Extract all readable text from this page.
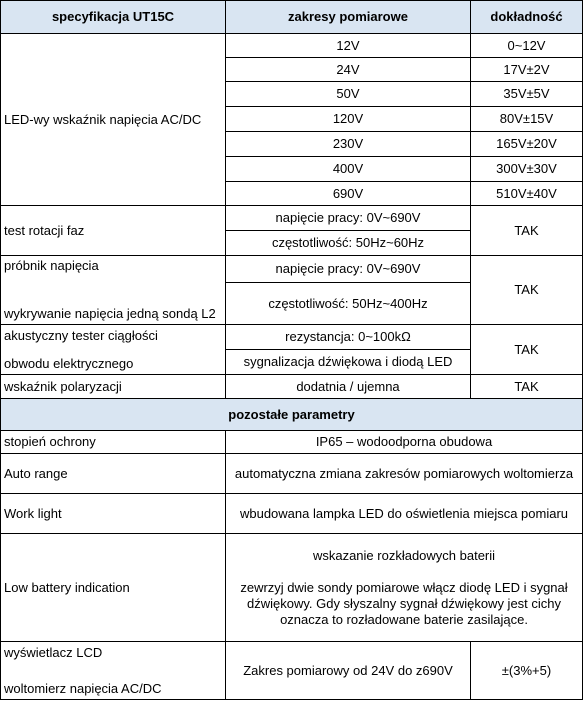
specyfikacja UT15C	zakresy pomiarowe	dokładność
LED-wy wskaźnik napięcia AC/DC	12V	0~12V
	24V	17V±2V
	50V	35V±5V
	120V	80V±15V
	230V	165V±20V
	400V	300V±30V
	690V	510V±40V
test rotacji faz	napięcie pracy: 0V~690V	TAK
	częstotliwość: 50Hz~60Hz	

próbnik napięcia
wykrywanie napięcia jedną sondą L2	napięcie pracy: 0V~690V	TAK
	częstotliwość: 50Hz~400Hz	

akustyczny tester ciągłości
obwodu elektrycznego	rezystancja: 0~100kΩ	TAK
	sygnalizacja dźwiękowa i diodą LED	
wskaźnik polaryzacji	dodatnia / ujemna	TAK
pozostałe parametry		
stopień ochrony	IP65 – wodoodporna obudowa	
Auto range	automatyczna zmiana zakresów pomiarowych woltomierza	
Work light	wbudowana lampka LED do oświetlenia miejsca pomiaru	
Low battery indication	wskazanie rozkładowych baterii
zewrzyj dwie sondy pomiarowe włącz diodę LED i sygnał dźwiękowy. Gdy słyszalny sygnał dźwiękowy jest cichy oznacza to rozładowane baterie zasilające.	

wyświetlacz LCD
woltomierz napięcia AC/DC	Zakres pomiarowy od 24V do z690V	±(3%+5)
